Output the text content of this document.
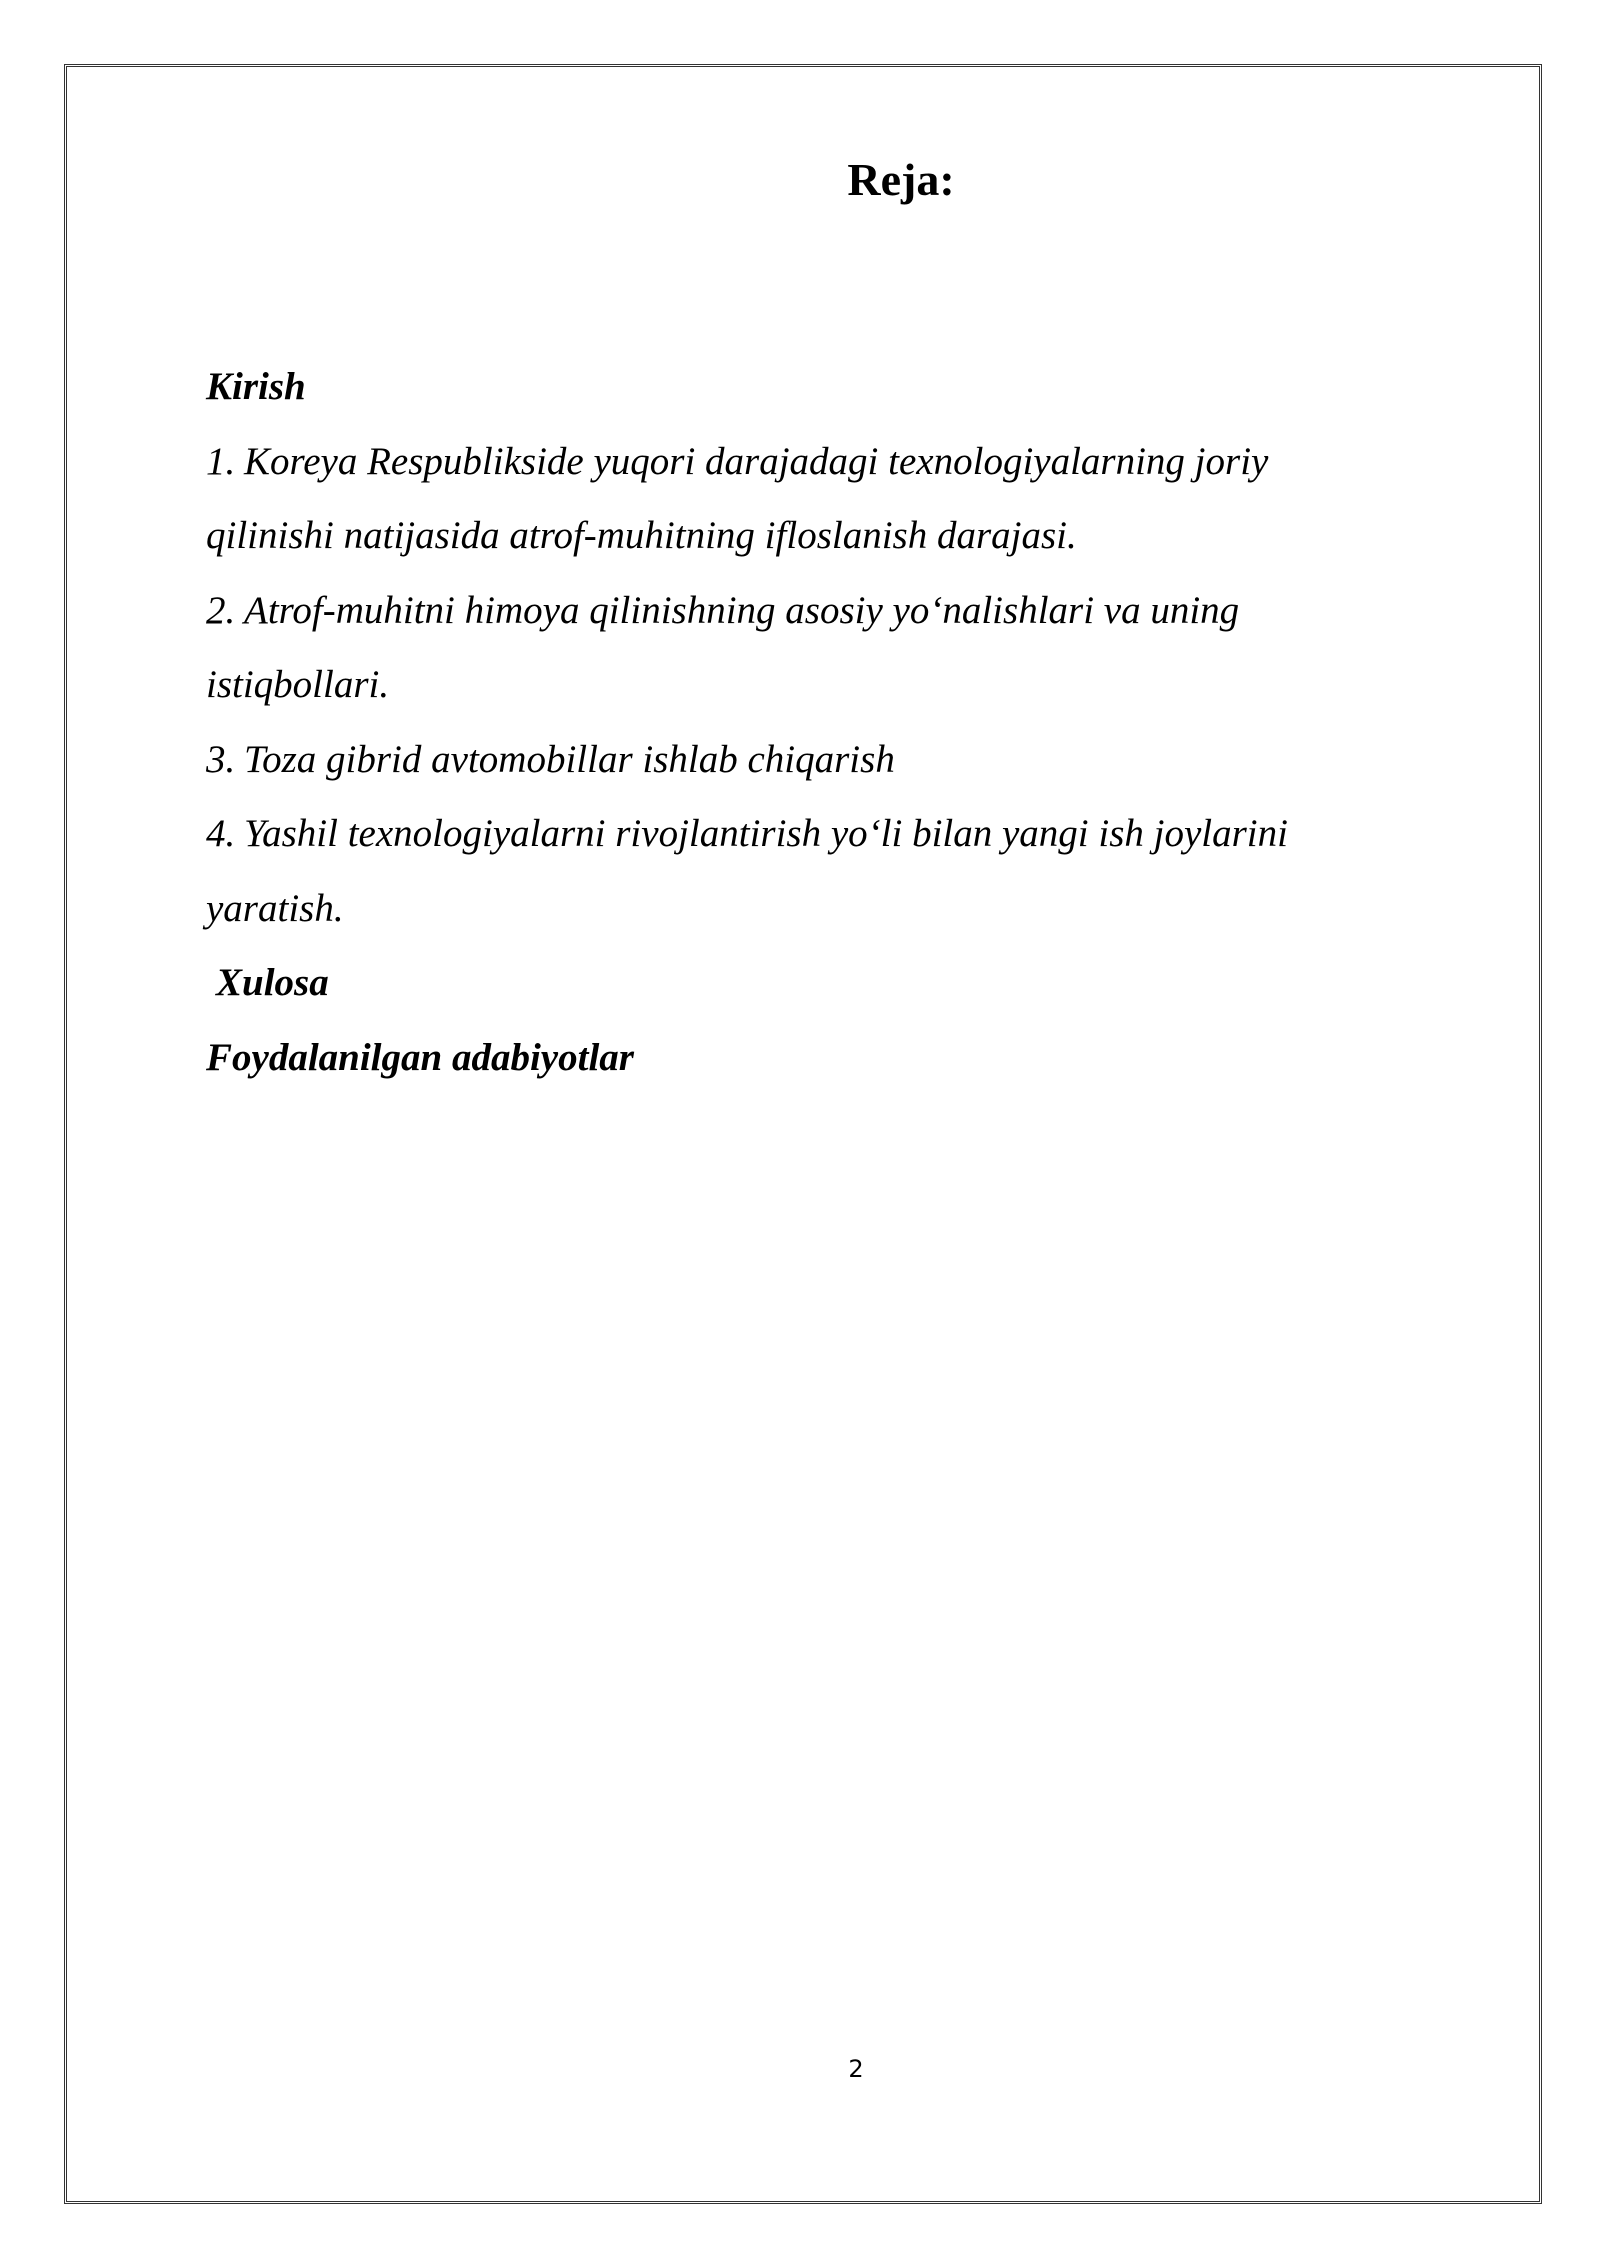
Reja:
Kirish
1. Koreya Respublikside yuqori darajadagi texnologiyalarning joriy
qilinishi natijasida atrof-muhitning ifloslanish darajasi.
2. Atrof-muhitni himoya qilinishning asosiy yo‘nalishlari va uning
istiqbollari.
3. Toza gibrid avtomobillar ishlab chiqarish
4. Yashil texnologiyalarni rivojlantirish yo‘li bilan yangi ish joylarini
yaratish.
Xulosa
Foydalanilgan adabiyotlar
2
